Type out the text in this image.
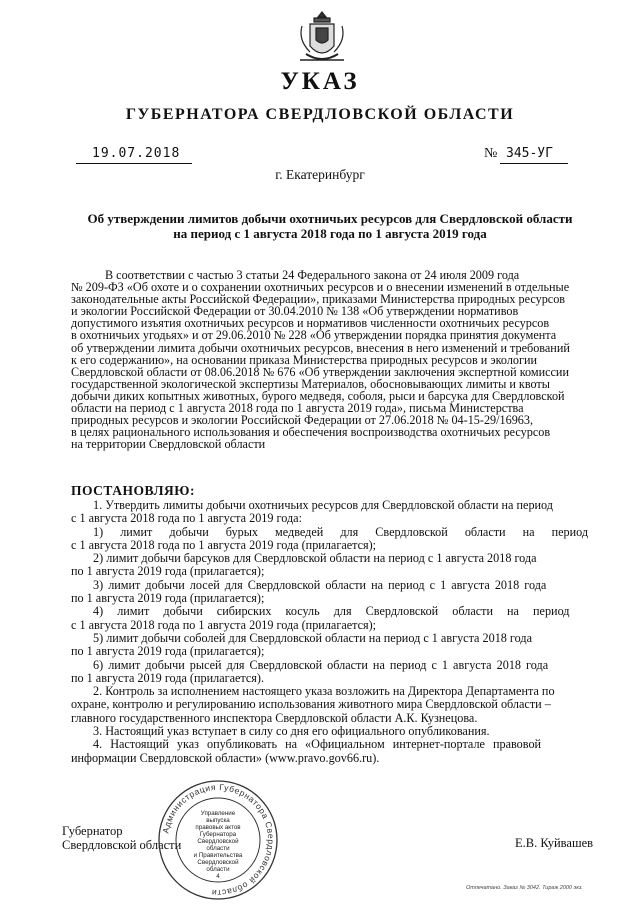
УКАЗ
ГУБЕРНАТОРА СВЕРДЛОВСКОЙ ОБЛАСТИ
19.07.2018	№ 345-УГ
г. Екатеринбург
Об утверждении лимитов добычи охотничьих ресурсов для Свердловской области
на период с 1 августа 2018 года по 1 августа 2019 года
В соответствии с частью 3 статьи 24 Федерального закона от 24 июля 2009 года
№ 209-ФЗ «Об охоте и о сохранении охотничьих ресурсов и о внесении изменений в отдельные
законодательные акты Российской Федерации», приказами Министерства природных ресурсов
и экологии Российской Федерации от 30.04.2010 № 138 «Об утверждении нормативов
допустимого изъятия охотничьих ресурсов и нормативов численности охотничьих ресурсов
в охотничьих угодьях» и от 29.06.2010 № 228 «Об утверждении порядка принятия документа
об утверждении лимита добычи охотничьих ресурсов, внесения в него изменений и требований
к его содержанию», на основании приказа Министерства природных ресурсов и экологии
Свердловской области от 08.06.2018 № 676 «Об утверждении заключения экспертной комиссии
государственной экологической экспертизы Материалов, обосновывающих лимиты и квоты
добычи диких копытных животных, бурого медведя, соболя, рыси и барсука для Свердловской
области на период с 1 августа 2018 года по 1 августа 2019 года», письма Министерства
природных ресурсов и экологии Российской Федерации от 27.06.2018 № 04-15-29/16963,
в целях рационального использования и обеспечения воспроизводства охотничьих ресурсов
на территории Свердловской области
ПОСТАНОВЛЯЮ:
1. Утвердить лимиты добычи охотничьих ресурсов для Свердловской области на период
с 1 августа 2018 года по 1 августа 2019 года:
1) лимит добычи бурых медведей для Свердловской области на период
с 1 августа 2018 года по 1 августа 2019 года (прилагается);
2) лимит добычи барсуков для Свердловской области на период с 1 августа 2018 года
по 1 августа 2019 года (прилагается);
3) лимит добычи лосей для Свердловской области на период с 1 августа 2018 года
по 1 августа 2019 года (прилагается);
4) лимит добычи сибирских косуль для Свердловской области на период
с 1 августа 2018 года по 1 августа 2019 года (прилагается);
5) лимит добычи соболей для Свердловской области на период с 1 августа 2018 года
по 1 августа 2019 года (прилагается);
6) лимит добычи рысей для Свердловской области на период с 1 августа 2018 года
по 1 августа 2019 года (прилагается).
2. Контроль за исполнением настоящего указа возложить на Директора Департамента по
охране, контролю и регулированию использования животного мира Свердловской области –
главного государственного инспектора Свердловской области А.К. Кузнецова.
3. Настоящий указ вступает в силу со дня его официального опубликования.
4. Настоящий указ опубликовать на «Официальном интернет-портале правовой
информации Свердловской области» (www.pravo.gov66.ru).
Губернатор
Свердловской области	Е.В. Куйвашев
Администрация Губернатора Свердловской области
Управление
выпуска
правовых актов
Губернатора
Свердловской области
и Правительства
Свердловской
области
4
Отпечатано. Заказ № 3042. Тираж 2000 экз.
